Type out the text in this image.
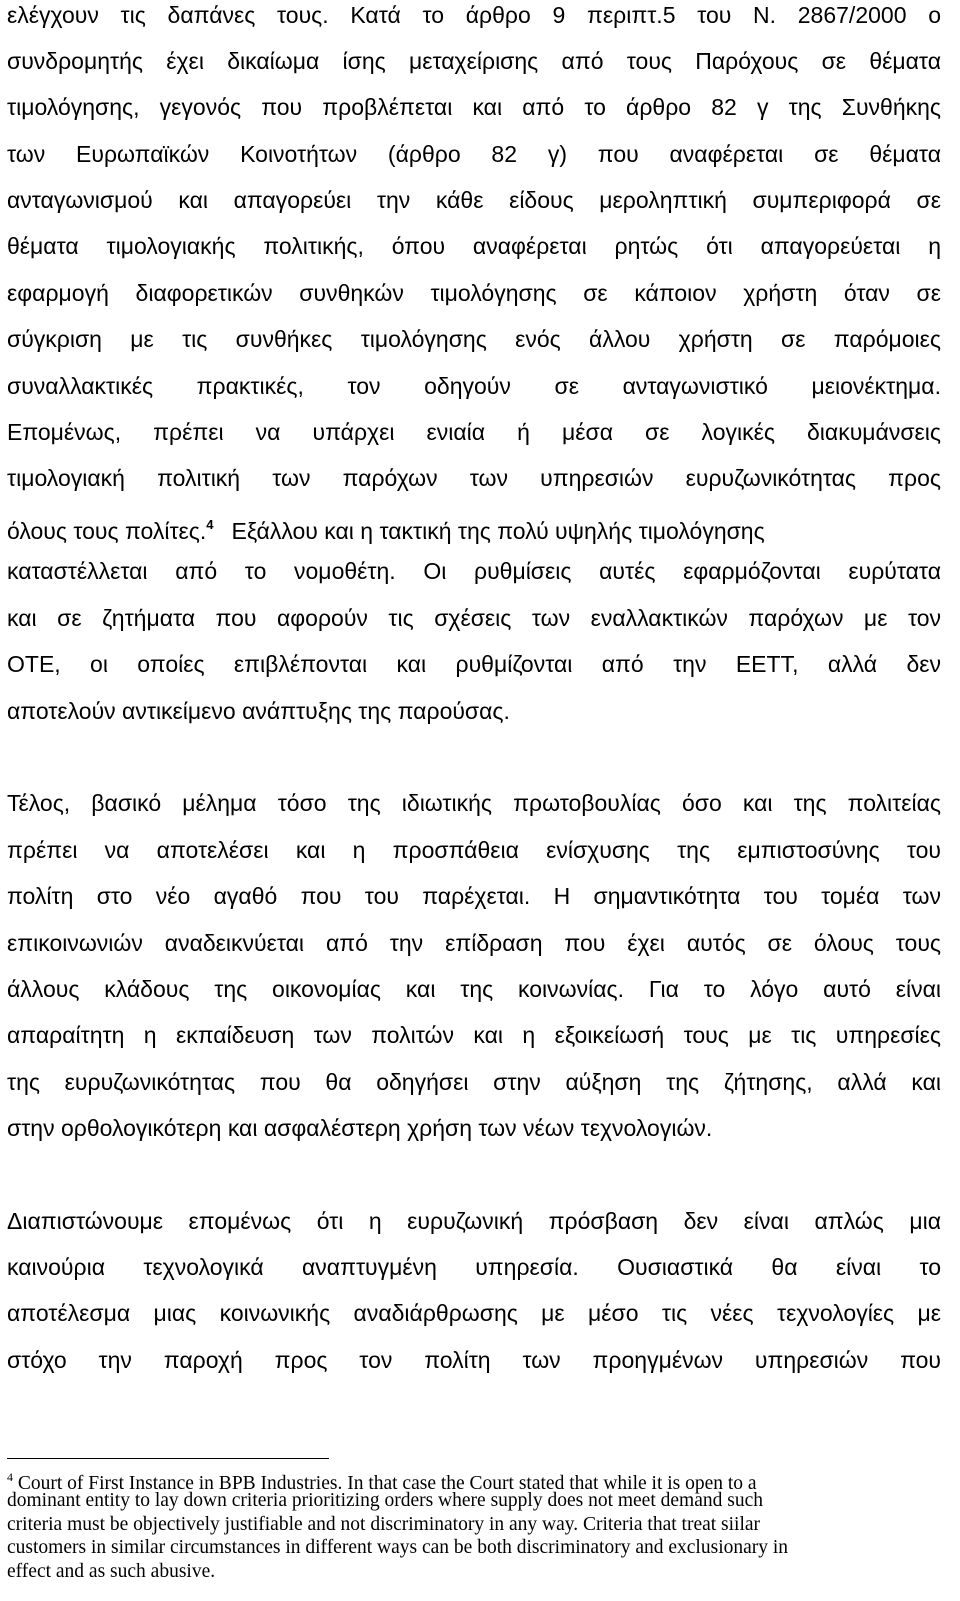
ελέγχουν τις δαπάνες τους. Κατά το άρθρο 9 περιπτ.5 του Ν. 2867/2000 ο
συνδρομητής έχει δικαίωμα ίσης μεταχείρισης από τους Παρόχους σε θέματα
τιμολόγησης, γεγονός που προβλέπεται και από το άρθρο 82 γ της Συνθήκης
των Ευρωπαϊκών Κοινοτήτων (άρθρο 82 γ) που αναφέρεται σε θέματα
ανταγωνισμού και απαγορεύει την κάθε είδους μεροληπτική συμπεριφορά σε
θέματα τιμολογιακής πολιτικής, όπου αναφέρεται ρητώς ότι απαγορεύεται η
εφαρμογή διαφορετικών συνθηκών τιμολόγησης σε κάποιον χρήστη όταν σε
σύγκριση με τις συνθήκες τιμολόγησης ενός άλλου χρήστη σε παρόμοιες
συναλλακτικές πρακτικές, τον οδηγούν σε ανταγωνιστικό μειονέκτημα.
Επομένως, πρέπει να υπάρχει ενιαία ή μέσα σε λογικές διακυμάνσεις
τιμολογιακή πολιτική των παρόχων των υπηρεσιών ευρυζωνικότητας προς
όλους τους πολίτες.$^4$ Εξάλλου και η τακτική της πολύ υψηλής τιμολόγησης
καταστέλλεται από το νομοθέτη. Οι ρυθμίσεις αυτές εφαρμόζονται ευρύτατα
και σε ζητήματα που αφορούν τις σχέσεις των εναλλακτικών παρόχων με τον
ΟΤΕ, οι οποίες επιβλέπονται και ρυθμίζονται από την ΕΕΤΤ, αλλά δεν
αποτελούν αντικείμενο ανάπτυξης της παρούσας.
Τέλος, βασικό μέλημα τόσο της ιδιωτικής πρωτοβουλίας όσο και της πολιτείας
πρέπει να αποτελέσει και η προσπάθεια ενίσχυσης της εμπιστοσύνης του
πολίτη στο νέο αγαθό που του παρέχεται. Η σημαντικότητα του τομέα των
επικοινωνιών αναδεικνύεται από την επίδραση που έχει αυτός σε όλους τους
άλλους κλάδους της οικονομίας και της κοινωνίας. Για το λόγο αυτό είναι
απαραίτητη η εκπαίδευση των πολιτών και η εξοικείωσή τους με τις υπηρεσίες
της ευρυζωνικότητας που θα οδηγήσει στην αύξηση της ζήτησης, αλλά και
στην ορθολογικότερη και ασφαλέστερη χρήση των νέων τεχνολογιών.
Διαπιστώνουμε επομένως ότι η ευρυζωνική πρόσβαση δεν είναι απλώς μια
καινούρια τεχνολογικά αναπτυγμένη υπηρεσία. Ουσιαστικά θα είναι το
αποτέλεσμα μιας κοινωνικής αναδιάρθρωσης με μέσο τις νέες τεχνολογίες με
στόχο την παροχή προς τον πολίτη των προηγμένων υπηρεσιών που
$^4$ Court of First Instance in BPB Industries. In that case the Court stated that while it is open to a
dominant entity to lay down criteria prioritizing orders where supply does not meet demand such
criteria must be objectively justifiable and not discriminatory in any way. Criteria that treat siilar
customers in similar circumstances in different ways can be both discriminatory and exclusionary in
effect and as such abusive.
